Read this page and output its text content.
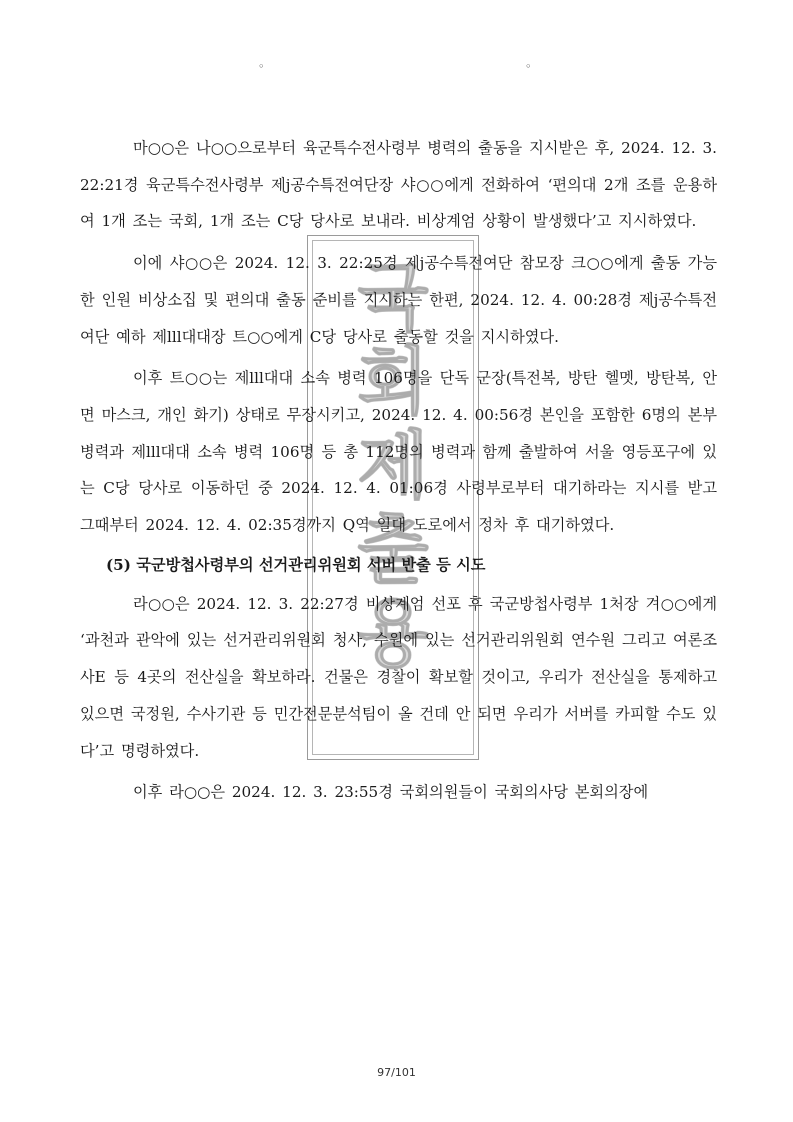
◦	◦
국
회
제
출
용

마○○은 나○○으로부터 육군특수전사령부 병력의 출동을 지시받은 후, 2024. 12. 3. 22:21경 육군특수전사령부 제j공수특전여단장 샤○○에게 전화하여 ‘편의대 2개 조를 운용하여 1개 조는 국회, 1개 조는 C당 당사로 보내라. 비상계엄 상황이 발생했다’고 지시하였다.

이에 샤○○은 2024. 12. 3. 22:25경 제j공수특전여단 참모장 크○○에게 출동 가능한 인원 비상소집 및 편의대 출동 준비를 지시하는 한편, 2024. 12. 4. 00:28경 제j공수특전여단 예하 제lll대대장 트○○에게 C당 당사로 출동할 것을 지시하였다.

이후 트○○는 제lll대대 소속 병력 106명을 단독 군장(특전복, 방탄 헬멧, 방탄복, 안면 마스크, 개인 화기) 상태로 무장시키고, 2024. 12. 4. 00:56경 본인을 포함한 6명의 본부 병력과 제lll대대 소속 병력 106명 등 총 112명의 병력과 함께 출발하여 서울 영등포구에 있는 C당 당사로 이동하던 중 2024. 12. 4. 01:06경 사령부로부터 대기하라는 지시를 받고 그때부터 2024. 12. 4. 02:35경까지 Q역 일대 도로에서 정차 후 대기하였다.

(5) 국군방첩사령부의 선거관리위원회 서버 반출 등 시도

라○○은 2024. 12. 3. 22:27경 비상계엄 선포 후 국군방첩사령부 1처장 겨○○에게 ‘과천과 관악에 있는 선거관리위원회 청사, 수원에 있는 선거관리위원회 연수원 그리고 여론조사E 등 4곳의 전산실을 확보하라. 건물은 경찰이 확보할 것이고, 우리가 전산실을 통제하고 있으면 국정원, 수사기관 등 민간전문분석팀이 올 건데 안 되면 우리가 서버를 카피할 수도 있다’고 명령하였다.

이후 라○○은 2024. 12. 3. 23:55경 국회의원들이 국회의사당 본회의장에

97/101
